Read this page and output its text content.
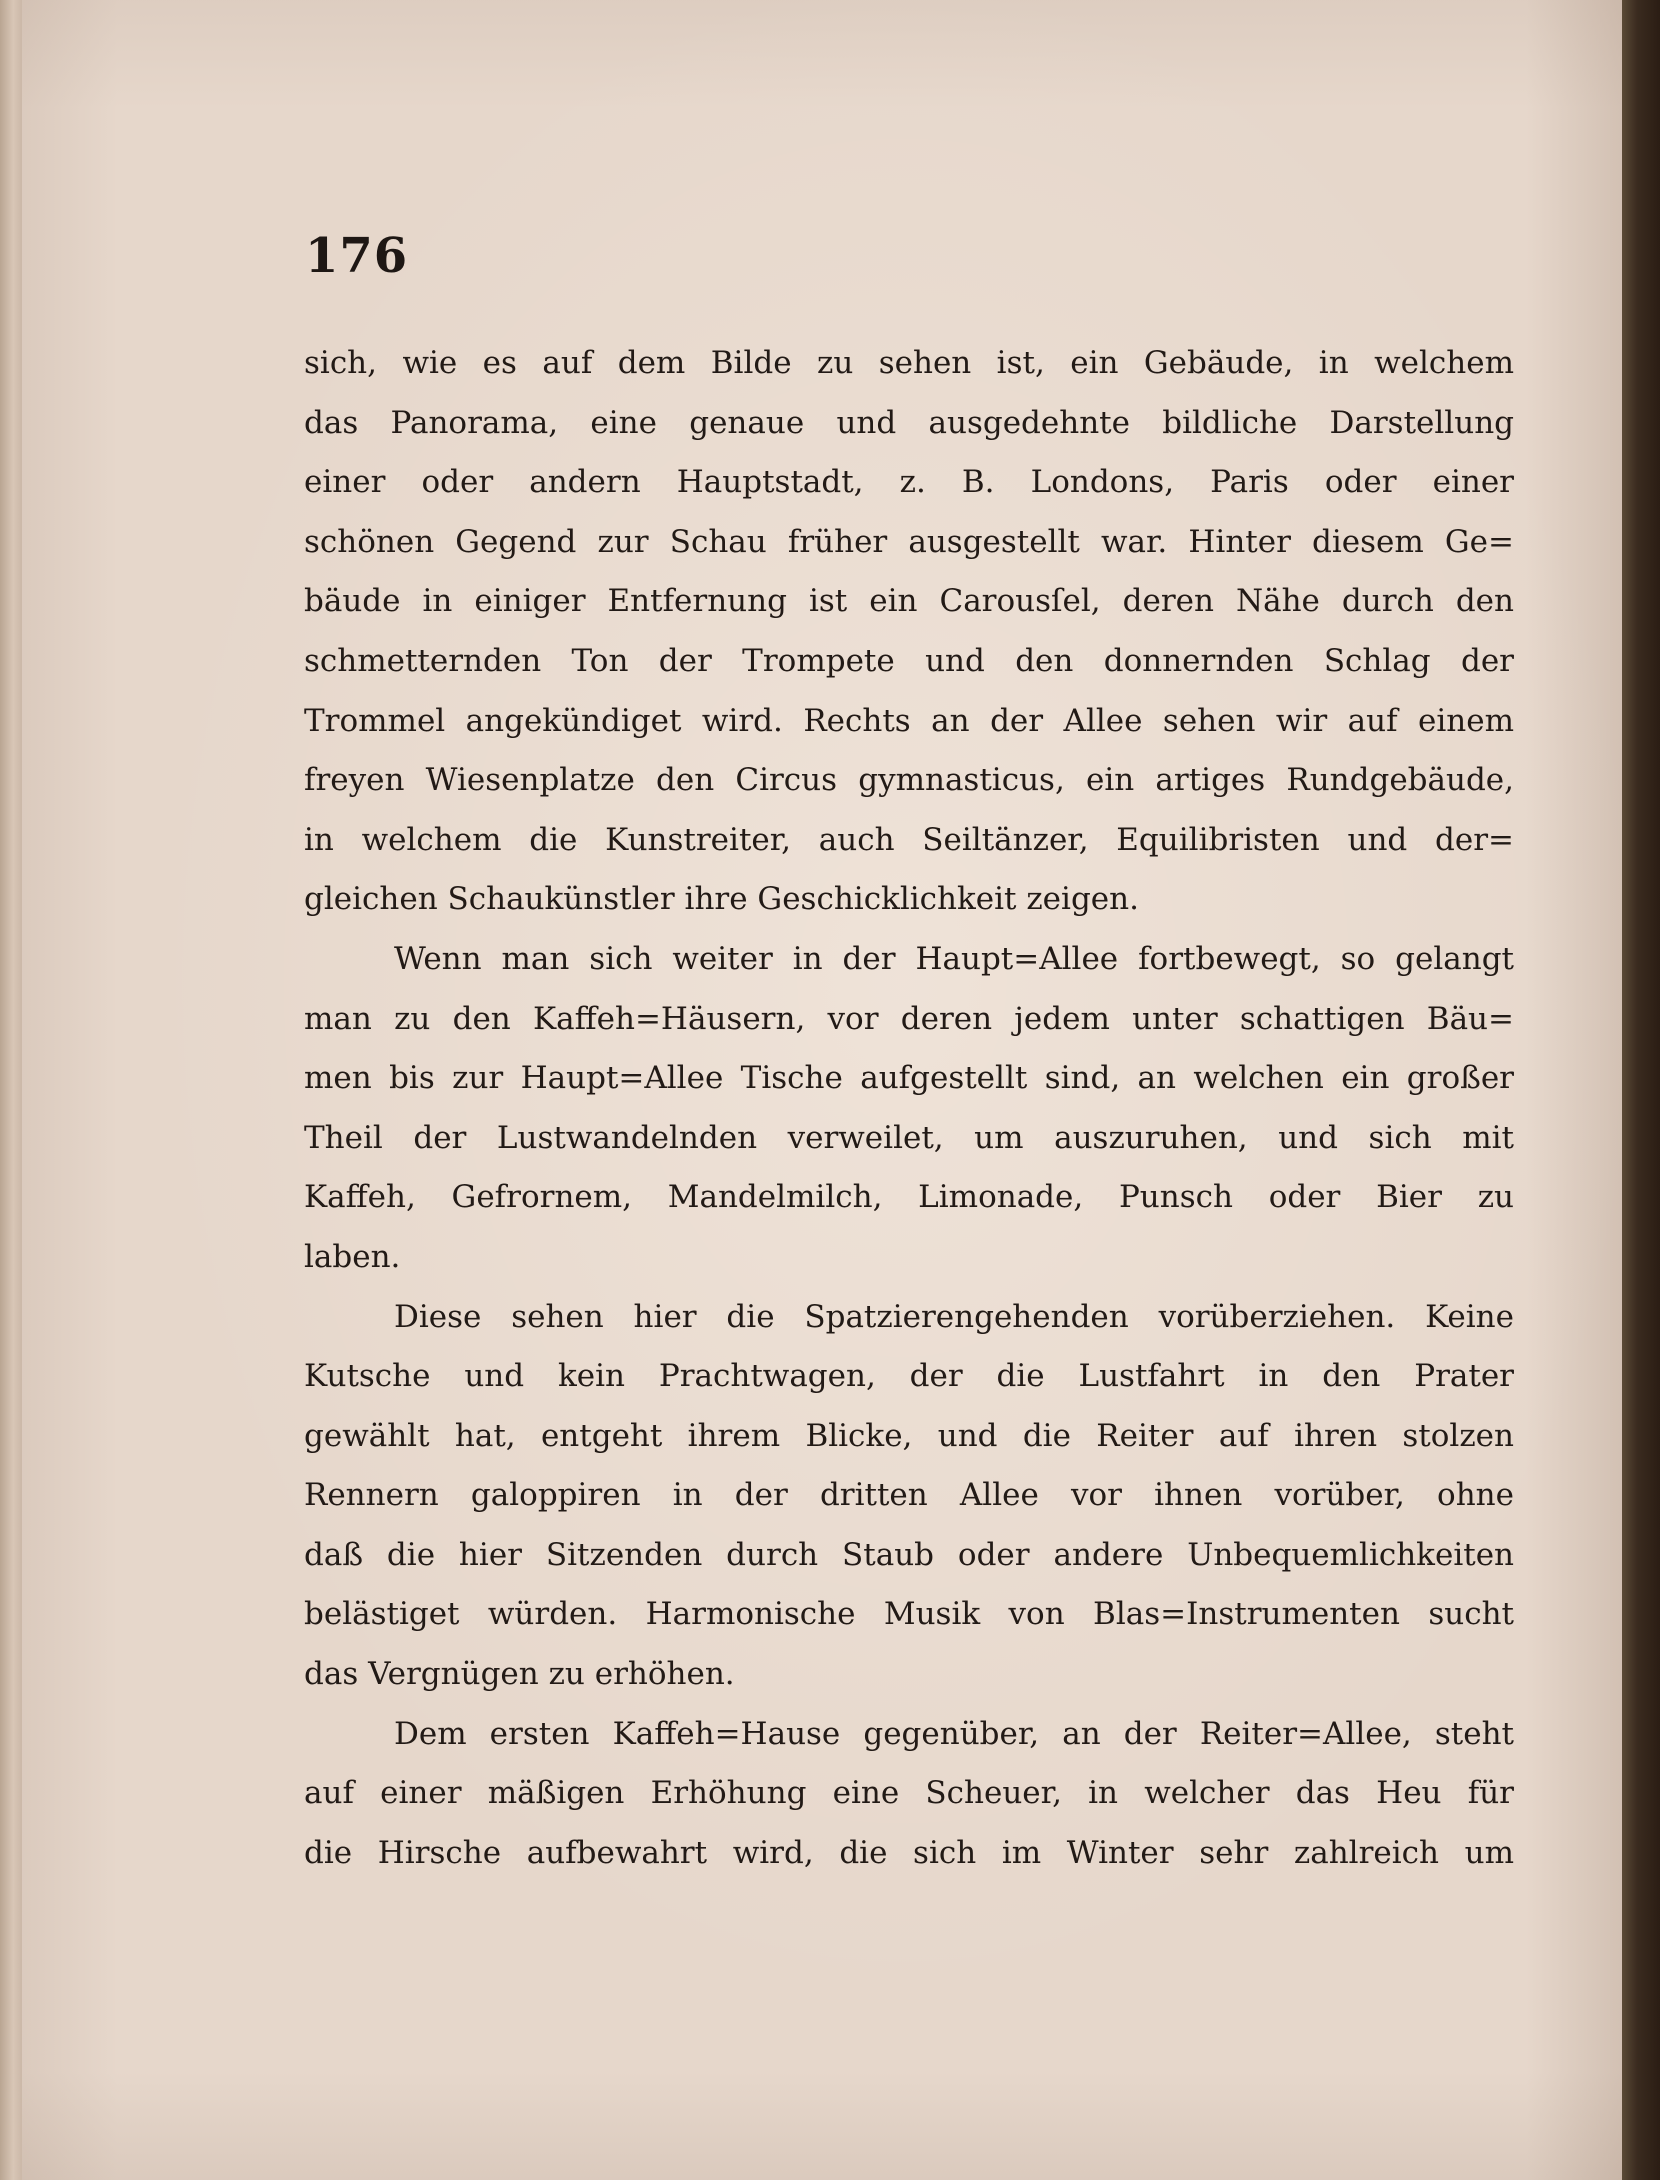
176
sich, wie es auf dem Bilde zu sehen ist, ein Gebäude, in welchem
das Panorama, eine genaue und ausgedehnte bildliche Darstellung
einer oder andern Hauptstadt, z. B. Londons, Paris oder einer
schönen Gegend zur Schau früher ausgestellt war. Hinter diesem Ge=
bäude in einiger Entfernung ist ein Carousſel, deren Nähe durch den
schmetternden Ton der Trompete und den donnernden Schlag der
Trommel angekündiget wird. Rechts an der Allee sehen wir auf einem
freyen Wiesenplatze den Circus gymnasticus, ein artiges Rundgebäude,
in welchem die Kunstreiter, auch Seiltänzer, Equilibristen und der=
gleichen Schaukünstler ihre Geschicklichkeit zeigen.
Wenn man sich weiter in der Haupt=Allee fortbewegt, so gelangt
man zu den Kaffeh=Häusern, vor deren jedem unter schattigen Bäu=
men bis zur Haupt=Allee Tische aufgestellt sind, an welchen ein großer
Theil der Lustwandelnden verweilet, um auszuruhen, und sich mit
Kaffeh, Gefrornem, Mandelmilch, Limonade, Punsch oder Bier zu
laben.
Diese sehen hier die Spatzierengehenden vorüberziehen. Keine
Kutsche und kein Prachtwagen, der die Lustfahrt in den Prater
gewählt hat, entgeht ihrem Blicke, und die Reiter auf ihren stolzen
Rennern galoppiren in der dritten Allee vor ihnen vorüber, ohne
daß die hier Sitzenden durch Staub oder andere Unbequemlichkeiten
belästiget würden. Harmonische Musik von Blas=Instrumenten sucht
das Vergnügen zu erhöhen.
Dem ersten Kaffeh=Hause gegenüber, an der Reiter=Allee, steht
auf einer mäßigen Erhöhung eine Scheuer, in welcher das Heu für
die Hirsche aufbewahrt wird, die sich im Winter sehr zahlreich um
